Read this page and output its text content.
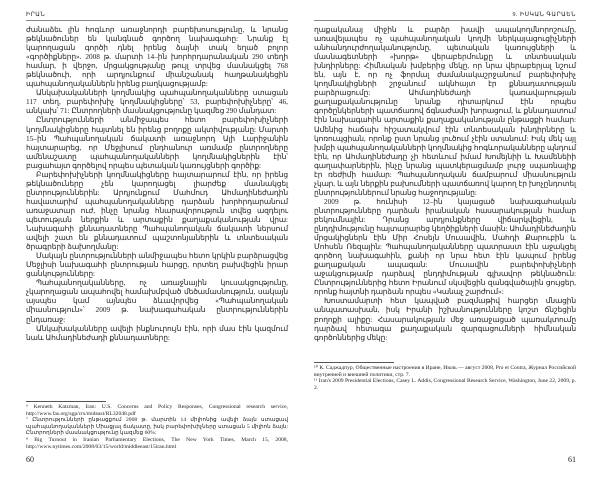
ԻՐԱՆ

ժանաձեւ լին հոգևոր առաջնորդի բարեխոսությունը, և նրանց թեկնածուներ են կանգնած գործող նախագահը: Նրանք էլ կարողացան գործի դնել իրենց ձայնի տակ եղած բոլոր «գործիքները». 2008 թ. մարտի 14–ին խորհրդարանական 290 տեղի համար, ի վերջո, մրցակցությանը թույլ տրվեց մասնակցել 768 թեկնածուի, որի արդյունքում միանշանակ հաղթանակեցին պահպանողականներն իրենց բաղկացությամբ:

Անկախականների կողմնակից պահպանողականները ստացան 117 տեղ, բարեփոխիչ կողմնակիցները՝ 53, բարեփոխիչները՝ 46, անկախ՝ 71: Ընտրողների մասնակցությունը կազմեց 290 մանդատ:

Ընտրությունների անմիջապես հետո բարեփոխիչների կողմնակիցները հայտնել են իրենց բողոքը ակտիվությանը: Մարտի 15–ին Պահպանողական ճակատի առաջնորդ Ալի Լարիջանին հայտարարեց, որ Մեջլիսում ընդհանուր առմամբ ընտրողները ամենաշատը պահպանողականների կողմնակիցներին էին՝ բացահայտ գործելով որպես պետական կառույցների գործիք:

Բարեփոխիչների կողմնակիցները հայտարարում էին, որ իրենց թեկնածուները չեն կարողացել լիարժեք մասնակցել ընտրություններին: Արդյունքում Մահմուդ Ահմադինեժադին հավատարիմ պահպանողականները դարձան խորհրդարանում առաջատար ուժ, ինչը նրանց հնարավորություն տվեց ազդելու պետության ներքին և արտաքին քաղաքականության վրա: Նախագահի քննադատները Պահպանողական ճակատի ներսում ավելի շատ են քննադատում պաշտոնյաներին և տնտեսական ծրագրերի ձախողմանը:

Մակայն ընտրությունների անմիջապես հետո կրկին բարձրացվեց Մեջլիսի նախագահի ընտրության հարցը, որտեղ բախվեցին իրար ցանկությունները:

Պահպանողականները, ոչ առաջնային կուսակցությունը, չկարողացան ապահովել համախմբված մեծամասնություն, սակայն այսպես կամ այնպես ձևավորվեց «Պահպանողական միասնություն»՝ 2009 թ. նախագահական ընտրություններին ընդառաջ:

Անկախականները ավելի ինքնուրույն էին, որի մաս էին կազմում նաև Ահմադինեժադի քննադատները:

⁶ Kenneth Katzman, Iran: U.S. Concerns and Policy Responses, Congressional research service, http://www.fas.org/sgp/crs/mideast/RL32048.pdf

⁷ Ընտրությունների ընթացքում 2008 թ. մարտին 14 միլիոնից ավելի ձայն ստացավ պահպանողականների Միացյալ ճակատը, իսկ բարեփոխիչները ստացան 5 միլիոն ձայն: Ընտրողների մասնակցությունը կազմեց 60%:

⁸ Big Turnout in Iranian Parliamentary Elections, The New York Times, March 15, 2008, http://www.nytimes.com/2008/03/15/world/middleeast/15iran.html

60
9. ԻՍԿԱՆ ԳԱՐԱԵՆ

ղաքականայ միջին և բարձր խավի ապակողմնորոշումը, առավելապես ոչ պահպանողական կողմի ներկայացուցիչների անհանդուրժողականությունը, պետական կառույցների և մասնագետների «խորթ» վերաբերմունքը և տնտեսական խնդիրները: Հիմնական խմբերից մեկը, որ նրա վերաբերյալ նշում են, այն է, որ ոչ ֆորմալ ժամանակաշրջանում բարեփոխիչ կողմնակիցների շրջանում ակնհայտ էր քննադատության բարձրացումը: Ահմադինեժադի կառավարության քաղաքականությունը նրանք դիտարկում էին որպես գործընկերների պատճառով ճգնաժամի խորացում, և քննադատում էին նախագահին արտաքին քաղաքականության ընթացքի համար: Ամենից հաճախ հիշատակվում էին տնտեսական խնդիրները և կոռուպցիան, որոնք ըստ նրանց լուծում չէին ստանում: Իսկ մեկ այլ խմբի պահպանողականների կողմնակից հոգևորականները պնդում էին, որ Ահմադինեժադը չի հետևում իմամ Խոմեյնիի և Խամենեիի գաղափարներին, ինչը նրանց պատկերացմամբ լուրջ սպառնալիք էր ռեժիմի համար: Պահպանողական ճամբարում միասնություն չկար, և այն ներքին բախումների պատճառով կարող էր խոչընդոտել ընտրություններում նրանց հաջողությանը:

2009 թ. հունիսի 12–ին կայացած նախագահական ընտրությունները դարձան իրանական հասարակության համար բեկումնային: Դրանց արդյունքները վիճարկվեցին, և ընդդիմությունը հայտարարեց կեղծիքների մասին: Ահմադինեժադին մրցակիցներն էին Միր Հոսեյն Մուսավին, Մահդի Քարուբին և Մոհսեն Ռեզային: Պահպանողականները պատրաստ էին աջակցել գործող նախագահին, քանի որ նրա հետ էին կապում իրենց քաղաքական ապագան: Մուսավին բարեփոխիչների աջակցությամբ դարձավ ընդդիմության գլխավոր թեկնածուն: Ընտրություններից հետո Իրանում սկսվեցին զանգվածային ցույցեր, որոնք հայտնի դարձան որպես «Կանաչ շարժում»:

Խոստամարտի հետ կապված բազմաթիվ հարցեր մնացին անպատասխան, իսկ Իրանի իշխանությունները կոշտ ճնշեցին բողոքի ալիքը: Հասարակության մեջ առաջացած պառակտումը դարձավ հետագա քաղաքական զարգացումների հիմնական գործոններից մեկը:

¹⁰ К. Саджадпур, Общественные настроения в Иране, Июль — август 2008, Pro et Contra, Журнал Российской внутренней и внешней политики, стр. 7.

¹¹ Iran's 2009 Presidential Elections, Casey L. Addis, Congressional Research Service, Washington, June 22, 2009, p. 2.

61
